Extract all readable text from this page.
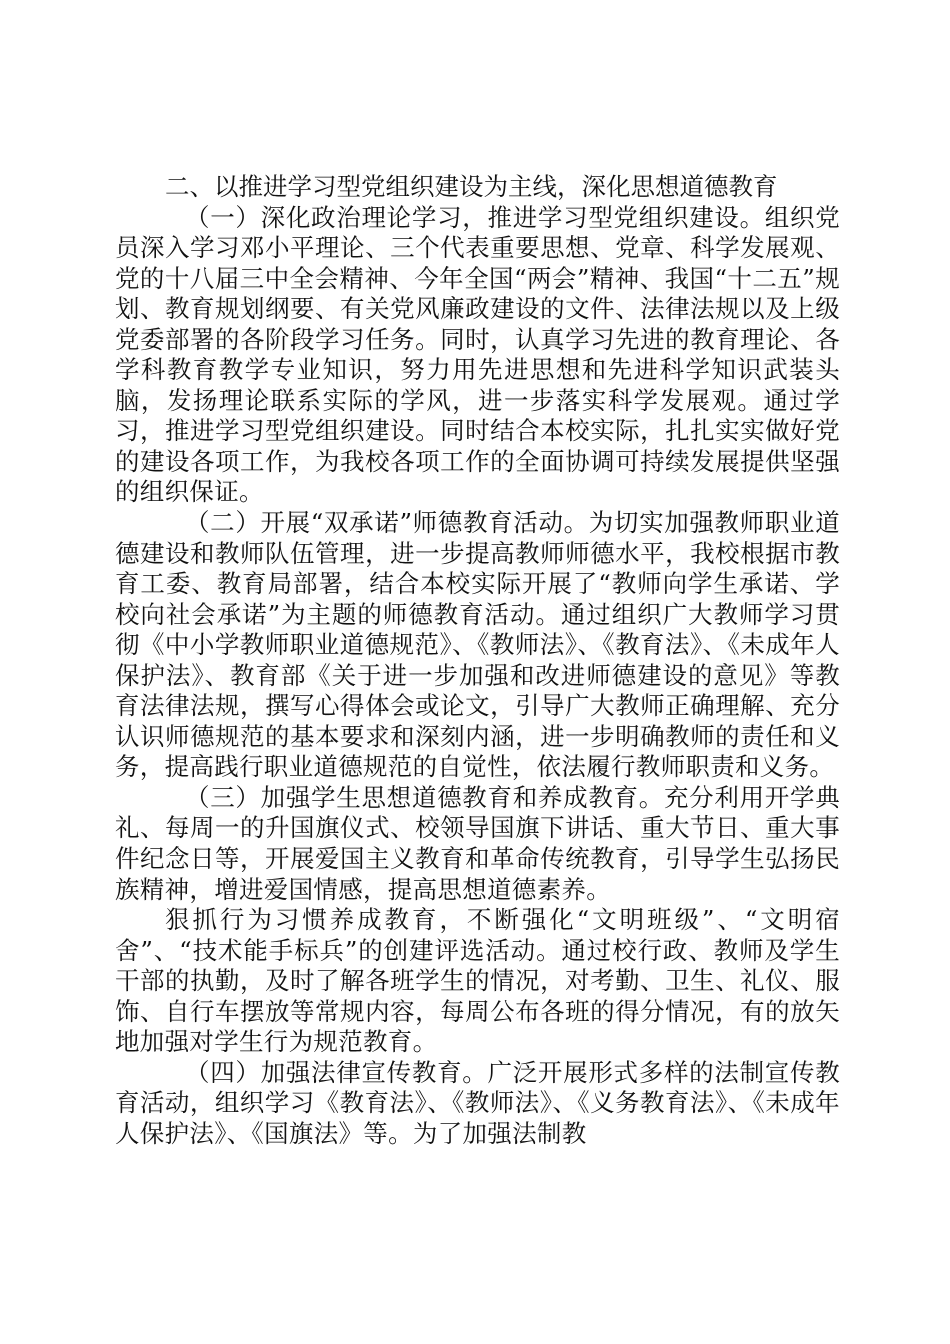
二、以推进学习型党组织建设为主线，深化思想道德教育

（一）深化政治理论学习，推进学习型党组织建设。组织党员深入学习邓小平理论、三个代表重要思想、党章、科学发展观、党的十八届三中全会精神、今年全国“两会”精神、我国“十二五”规划、教育规划纲要、有关党风廉政建设的文件、法律法规以及上级党委部署的各阶段学习任务。同时，认真学习先进的教育理论、各学科教育教学专业知识，努力用先进思想和先进科学知识武装头脑，发扬理论联系实际的学风，进一步落实科学发展观。通过学习，推进学习型党组织建设。同时结合本校实际，扎扎实实做好党的建设各项工作，为我校各项工作的全面协调可持续发展提供坚强的组织保证。

（二）开展“双承诺”师德教育活动。为切实加强教师职业道德建设和教师队伍管理，进一步提高教师师德水平，我校根据市教育工委、教育局部署，结合本校实际开展了“教师向学生承诺、学校向社会承诺”为主题的师德教育活动。通过组织广大教师学习贯彻《中小学教师职业道德规范》、《教师法》、《教育法》、《未成年人保护法》、教育部《关于进一步加强和改进师德建设的意见》等教育法律法规，撰写心得体会或论文，引导广大教师正确理解、充分认识师德规范的基本要求和深刻内涵，进一步明确教师的责任和义务，提高践行职业道德规范的自觉性，依法履行教师职责和义务。

（三）加强学生思想道德教育和养成教育。充分利用开学典礼、每周一的升国旗仪式、校领导国旗下讲话、重大节日、重大事件纪念日等，开展爱国主义教育和革命传统教育，引导学生弘扬民族精神，增进爱国情感，提高思想道德素养。

狠抓行为习惯养成教育，不断强化“文明班级”、“文明宿舍”、“技术能手标兵”的创建评选活动。通过校行政、教师及学生干部的执勤，及时了解各班学生的情况，对考勤、卫生、礼仪、服饰、自行车摆放等常规内容，每周公布各班的得分情况，有的放矢地加强对学生行为规范教育。

（四）加强法律宣传教育。广泛开展形式多样的法制宣传教育活动，组织学习《教育法》、《教师法》、《义务教育法》、《未成年人保护法》、《国旗法》等。为了加强法制教
